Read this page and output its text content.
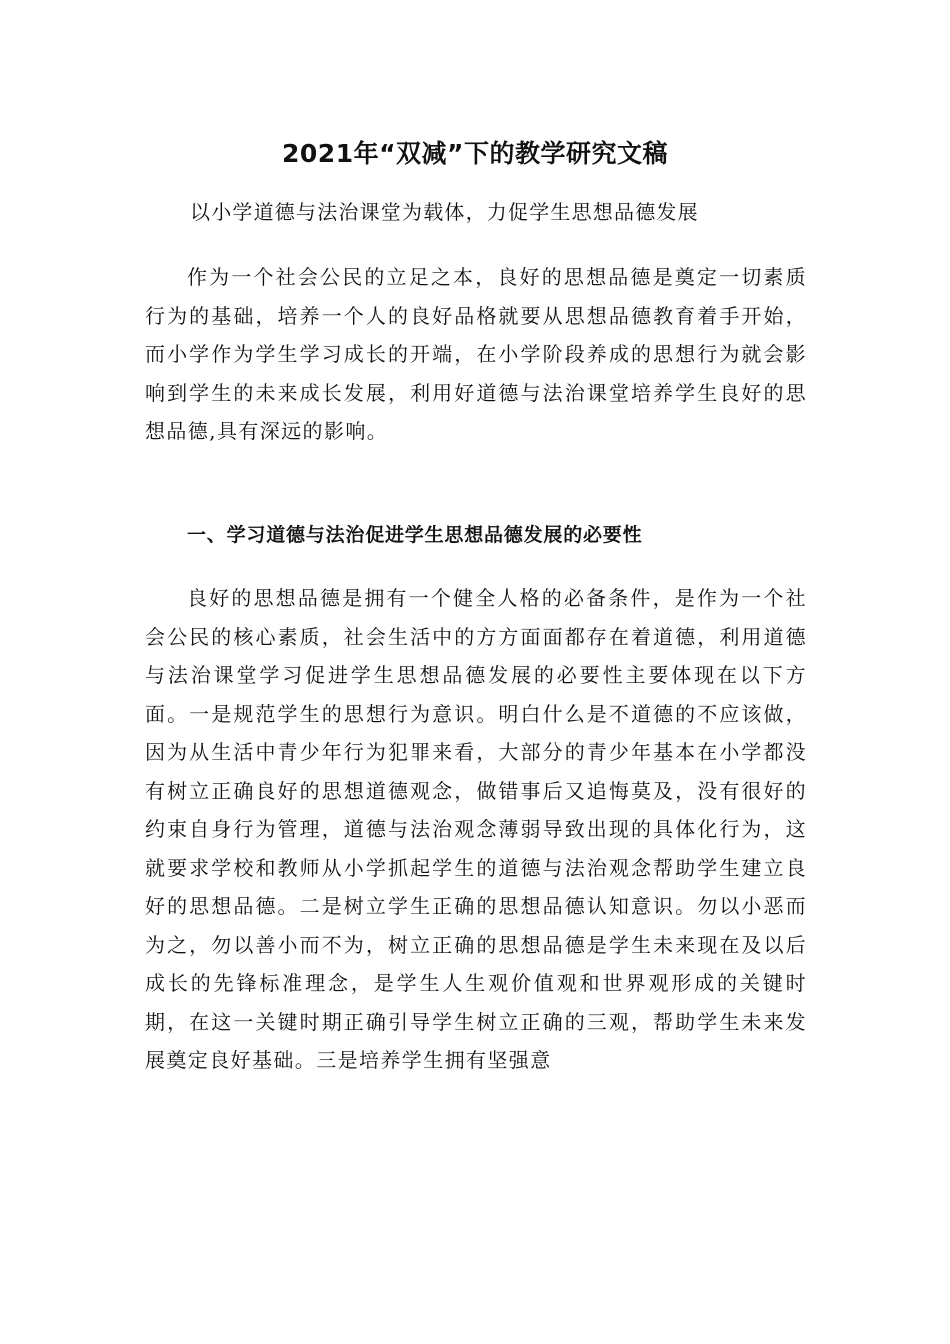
2021年“双减”下的教学研究文稿

以小学道德与法治课堂为载体，力促学生思想品德发展

作为一个社会公民的立足之本，良好的思想品德是奠定一切素质行为的基础，培养一个人的良好品格就要从思想品德教育着手开始，而小学作为学生学习成长的开端，在小学阶段养成的思想行为就会影响到学生的未来成长发展，利用好道德与法治课堂培养学生良好的思想品德,具有深远的影响。

一、学习道德与法治促进学生思想品德发展的必要性

良好的思想品德是拥有一个健全人格的必备条件，是作为一个社会公民的核心素质，社会生活中的方方面面都存在着道德，利用道德与法治课堂学习促进学生思想品德发展的必要性主要体现在以下方面。一是规范学生的思想行为意识。明白什么是不道德的不应该做，因为从生活中青少年行为犯罪来看，大部分的青少年基本在小学都没有树立正确良好的思想道德观念，做错事后又追悔莫及，没有很好的约束自身行为管理，道德与法治观念薄弱导致出现的具体化行为，这就要求学校和教师从小学抓起学生的道德与法治观念帮助学生建立良好的思想品德。二是树立学生正确的思想品德认知意识。勿以小恶而为之，勿以善小而不为，树立正确的思想品德是学生未来现在及以后成长的先锋标准理念，是学生人生观价值观和世界观形成的关键时期，在这一关键时期正确引导学生树立正确的三观，帮助学生未来发展奠定良好基础。三是培养学生拥有坚强意
